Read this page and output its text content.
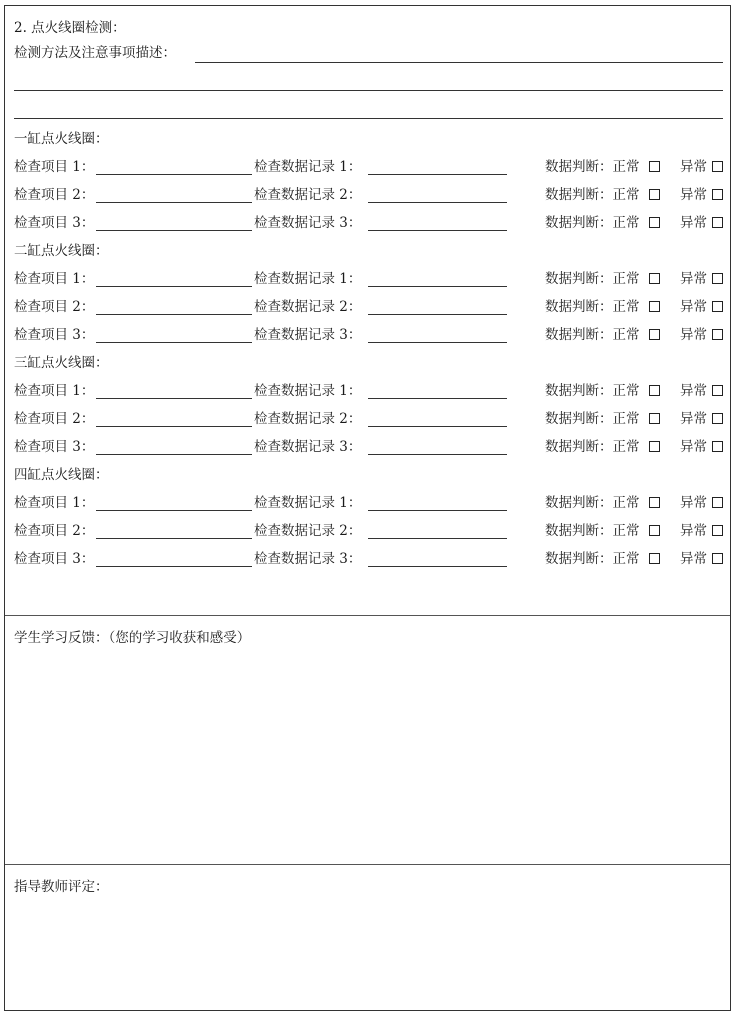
2. 点火线圈检测：
检测方法及注意事项描述：
一缸点火线圈：
检查项目 1：	检查数据记录 1：	数据判断：正常	异常
检查项目 2：	检查数据记录 2：	数据判断：正常	异常
检查项目 3：	检查数据记录 3：	数据判断：正常	异常
二缸点火线圈：
检查项目 1：	检查数据记录 1：	数据判断：正常	异常
检查项目 2：	检查数据记录 2：	数据判断：正常	异常
检查项目 3：	检查数据记录 3：	数据判断：正常	异常
三缸点火线圈：
检查项目 1：	检查数据记录 1：	数据判断：正常	异常
检查项目 2：	检查数据记录 2：	数据判断：正常	异常
检查项目 3：	检查数据记录 3：	数据判断：正常	异常
四缸点火线圈：
检查项目 1：	检查数据记录 1：	数据判断：正常	异常
检查项目 2：	检查数据记录 2：	数据判断：正常	异常
检查项目 3：	检查数据记录 3：	数据判断：正常	异常
学生学习反馈：（您的学习收获和感受）
指导教师评定：
